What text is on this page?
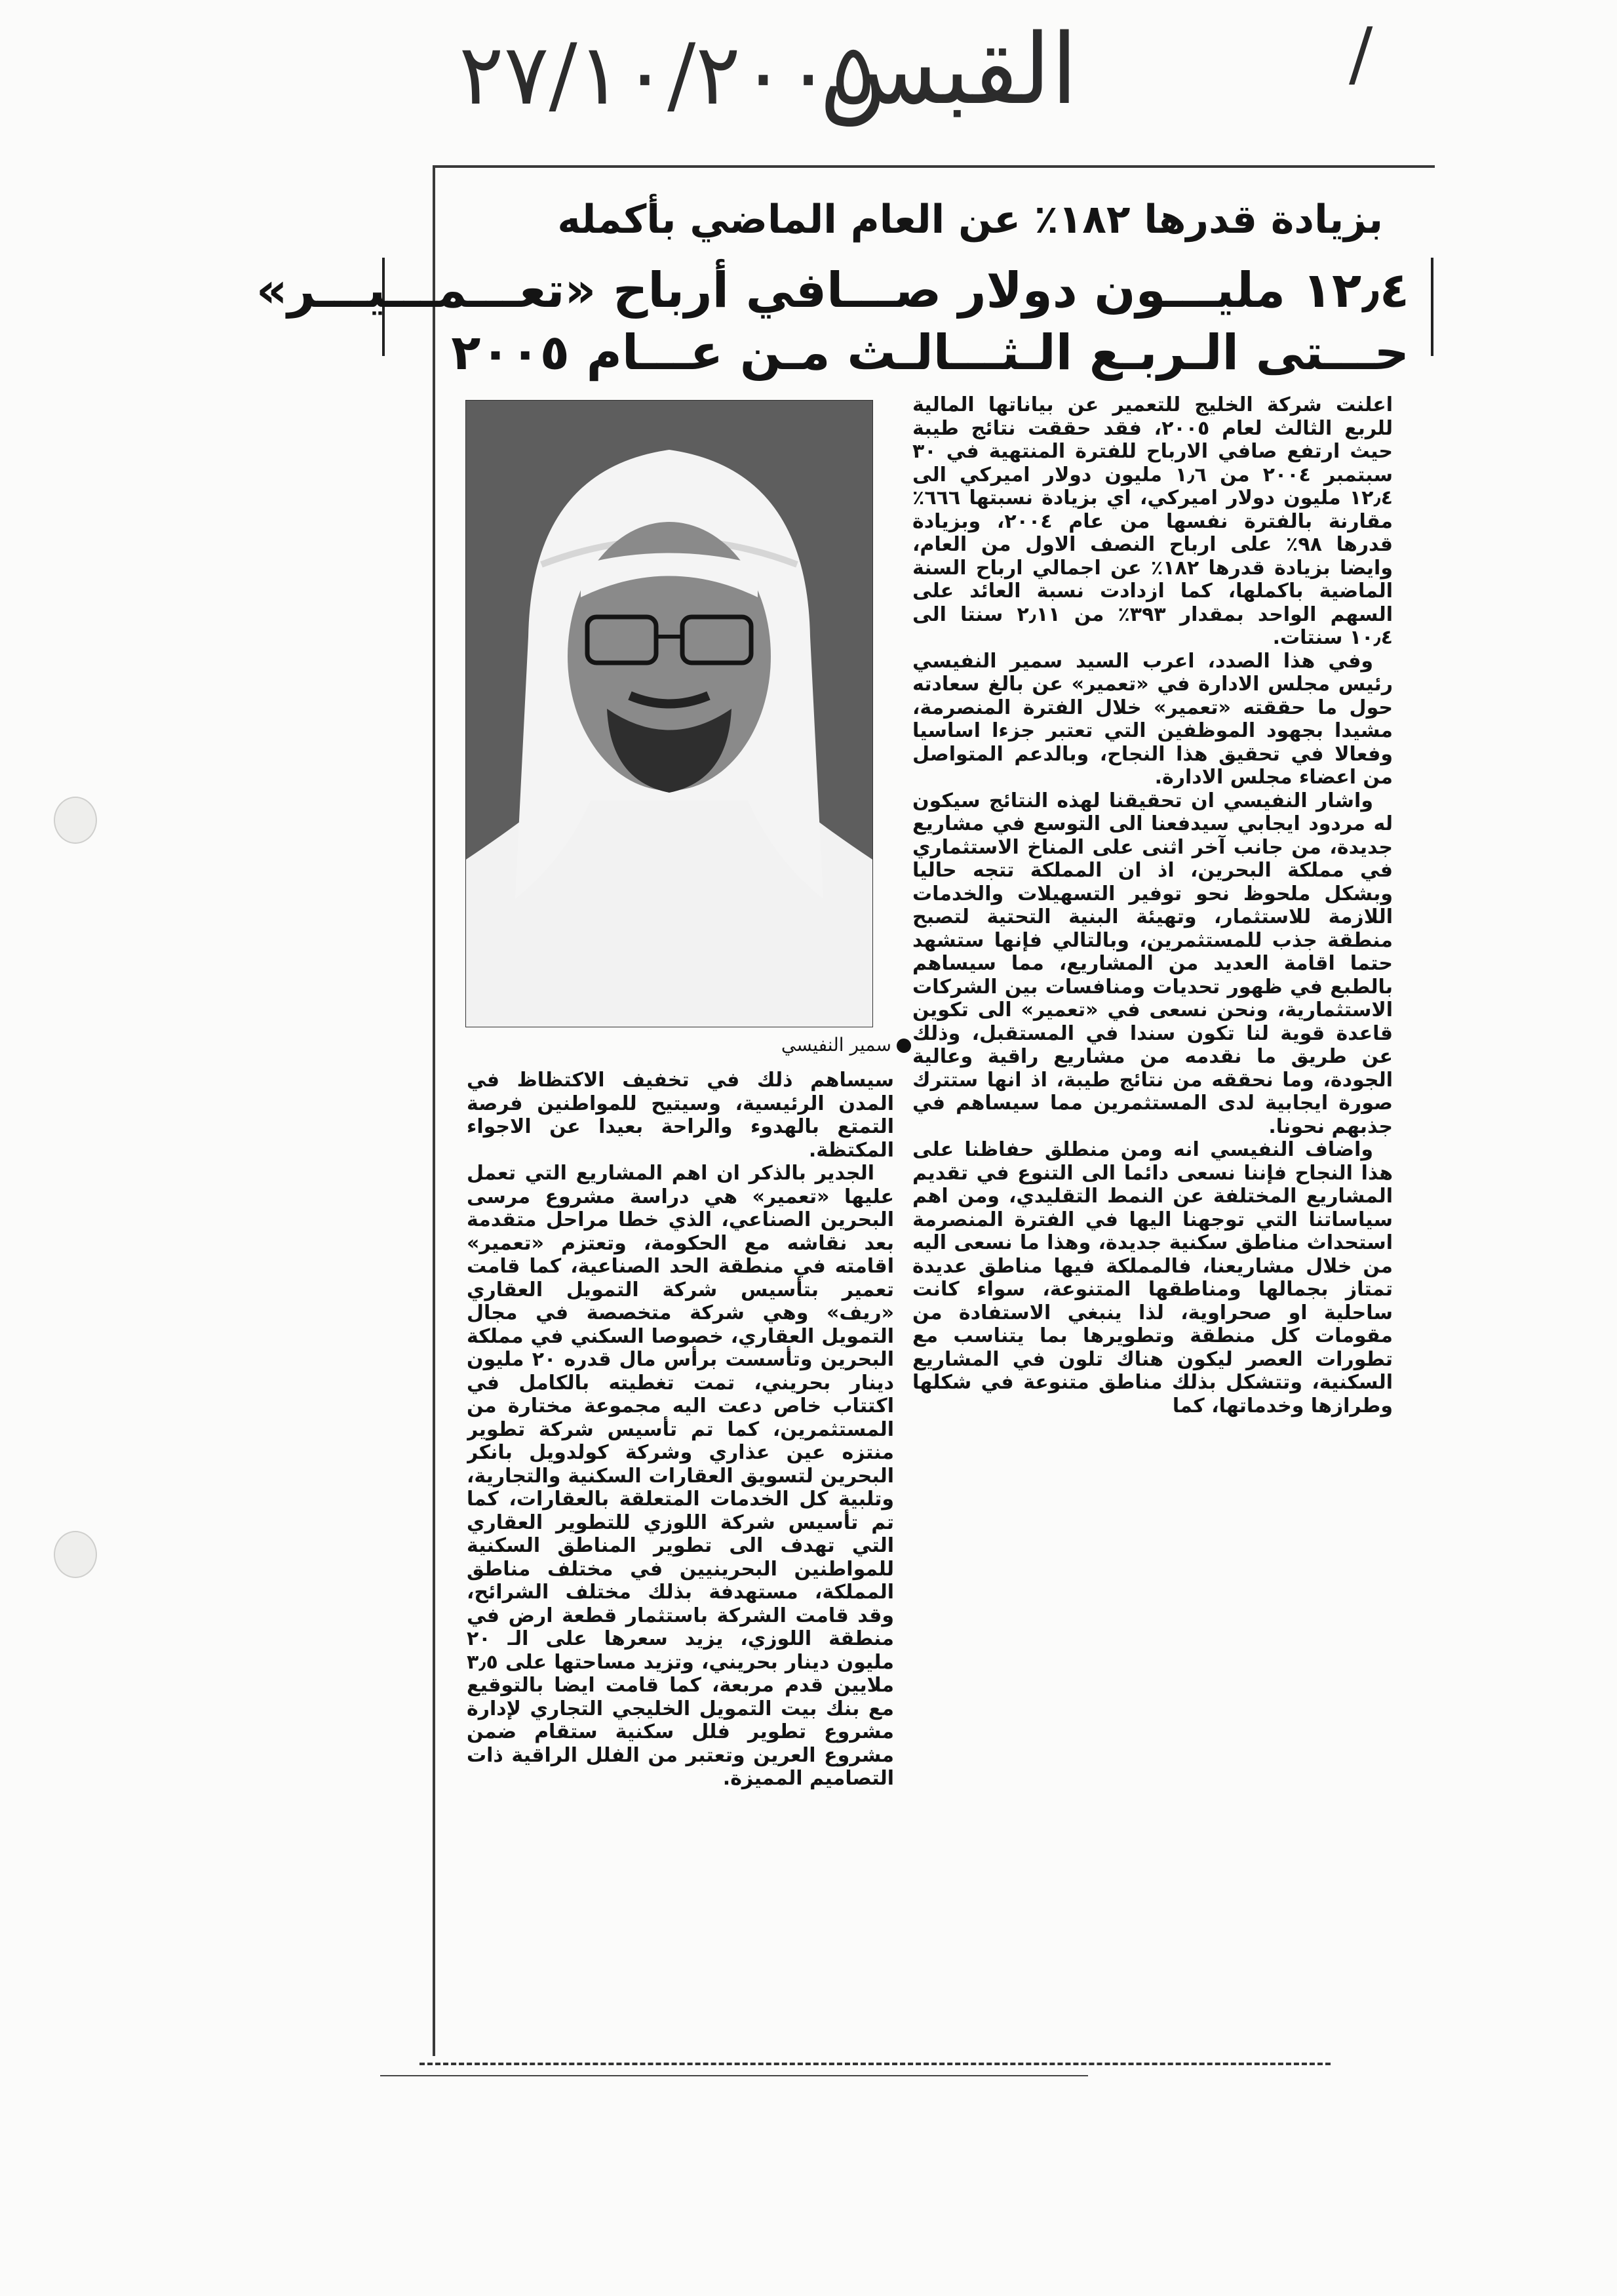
/
القبس
٢٧/١٠/٢٠٠٥
بزيادة قدرها ١٨٢٪ عن العام الماضي بأكمله
١٢٫٤ مليـــون دولار صـــافي أرباح «تعـــمـــيـــر»
حـــتى الـربـع الـثـــالـث مـن عـــام ٢٠٠٥
سمير النفيسي

اعلنت شركة الخليج للتعمير عن بياناتها المالية للربع الثالث لعام ٢٠٠٥، فقد حققت نتائج طيبة حيث ارتفع صافي الارباح للفترة المنتهية في ٣٠ سبتمبر ٢٠٠٤ من ١٫٦ مليون دولار اميركي الى ١٢٫٤ مليون دولار اميركي، اي بزيادة نسبتها ٦٦٦٪ مقارنة بالفترة نفسها من عام ٢٠٠٤، وبزيادة قدرها ٩٨٪ على ارباح النصف الاول من العام، وايضا بزيادة قدرها ١٨٢٪ عن اجمالي ارباح السنة الماضية باكملها، كما ازدادت نسبة العائد على السهم الواحد بمقدار ٣٩٣٪ من ٢٫١١ سنتا الى ١٠٫٤ سنتات.

وفي هذا الصدد، اعرب السيد سمير النفيسي رئيس مجلس الادارة في «تعمير» عن بالغ سعادته حول ما حققته «تعمير» خلال الفترة المنصرمة، مشيدا بجهود الموظفين التي تعتبر جزءا اساسيا وفعالا في تحقيق هذا النجاح، وبالدعم المتواصل من اعضاء مجلس الادارة.

واشار النفيسي ان تحقيقنا لهذه النتائج سيكون له مردود ايجابي سيدفعنا الى التوسع في مشاريع جديدة، من جانب آخر اثنى على المناخ الاستثماري في مملكة البحرين، اذ ان المملكة تتجه حاليا وبشكل ملحوظ نحو توفير التسهيلات والخدمات اللازمة للاستثمار، وتهيئة البنية التحتية لتصبح منطقة جذب للمستثمرين، وبالتالي فإنها ستشهد حتما اقامة العديد من المشاريع، مما سيساهم بالطبع في ظهور تحديات ومنافسات بين الشركات الاستثمارية، ونحن نسعى في «تعمير» الى تكوين قاعدة قوية لنا تكون سندا في المستقبل، وذلك عن طريق ما نقدمه من مشاريع راقية وعالية الجودة، وما نحققه من نتائج طيبة، اذ انها ستترك صورة ايجابية لدى المستثمرين مما سيساهم في جذبهم نحونا.

واضاف النفيسي انه ومن منطلق حفاظنا على هذا النجاح فإننا نسعى دائما الى التنوع في تقديم المشاريع المختلفة عن النمط التقليدي، ومن اهم سياساتنا التي توجهنا اليها في الفترة المنصرمة استحداث مناطق سكنية جديدة، وهذا ما نسعى اليه من خلال مشاريعنا، فالمملكة فيها مناطق عديدة تمتاز بجمالها ومناطقها المتنوعة، سواء كانت ساحلية او صحراوية، لذا ينبغي الاستفادة من مقومات كل منطقة وتطويرها بما يتناسب مع تطورات العصر ليكون هناك تلون في المشاريع السكنية، وتتشكل بذلك مناطق متنوعة في شكلها وطرازها وخدماتها، كما

سيساهم ذلك في تخفيف الاكتظاظ في المدن الرئيسية، وسيتيح للمواطنين فرصة التمتع بالهدوء والراحة بعيدا عن الاجواء المكتظة.

الجدير بالذكر ان اهم المشاريع التي تعمل عليها «تعمير» هي دراسة مشروع مرسى البحرين الصناعي، الذي خطا مراحل متقدمة بعد نقاشه مع الحكومة، وتعتزم «تعمير» اقامته في منطقة الحد الصناعية، كما قامت تعمير بتأسيس شركة التمويل العقاري «ريف» وهي شركة متخصصة في مجال التمويل العقاري، خصوصا السكني في مملكة البحرين وتأسست برأس مال قدره ٢٠ مليون دينار بحريني، تمت تغطيته بالكامل في اكتتاب خاص دعت اليه مجموعة مختارة من المستثمرين، كما تم تأسيس شركة تطوير منتزه عين عذاري وشركة كولدويل بانكر البحرين لتسويق العقارات السكنية والتجارية، وتلبية كل الخدمات المتعلقة بالعقارات، كما تم تأسيس شركة اللوزي للتطوير العقاري التي تهدف الى تطوير المناطق السكنية للمواطنين البحرينيين في مختلف مناطق المملكة، مستهدفة بذلك مختلف الشرائح، وقد قامت الشركة باستثمار قطعة ارض في منطقة اللوزي، يزيد سعرها على الـ ٢٠ مليون دينار بحريني، وتزيد مساحتها على ٣٫٥ ملايين قدم مربعة، كما قامت ايضا بالتوقيع مع بنك بيت التمويل الخليجي التجاري لإدارة مشروع تطوير فلل سكنية ستقام ضمن مشروع العرين وتعتبر من الفلل الراقية ذات التصاميم المميزة.
